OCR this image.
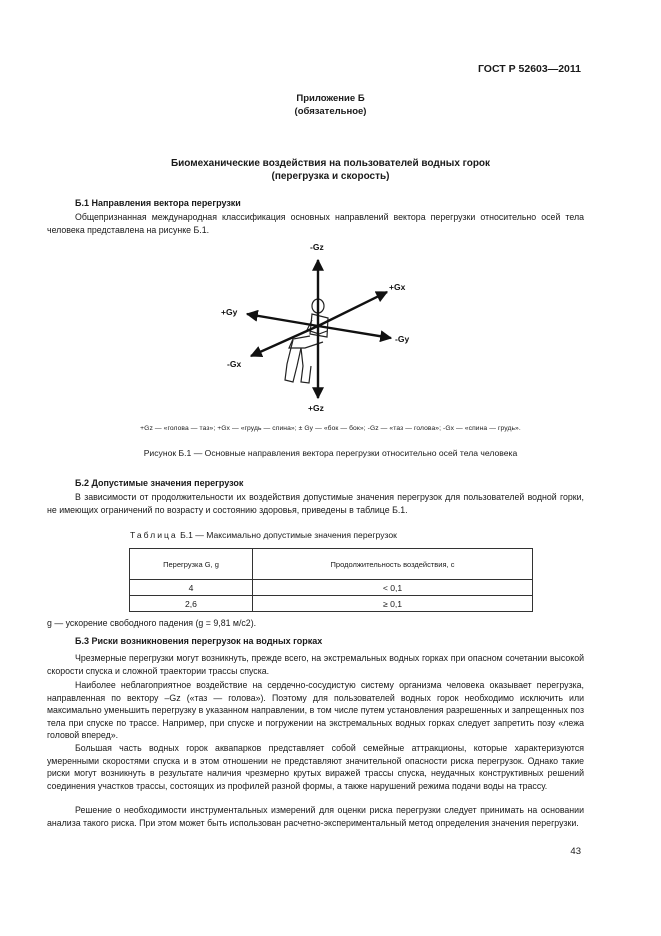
ГОСТ Р 52603—2011
Приложение Б
(обязательное)
Биомеханические воздействия на пользователей водных горок
(перегрузка и скорость)
Б.1 Направления вектора перегрузки

Общепризнанная международная классификация основных направлений вектора перегрузки относительно осей тела человека представлена на рисунке Б.1.

-Gz
+Gz
+Gx
-Gx
+Gy
-Gy
+Gz — «голова — таз»; +Gx — «грудь — спина»; ± Gy — «бок — бок»; -Gz — «таз — голова»; -Gx — «спина — грудь».
Рисунок Б.1 — Основные направления вектора перегрузки относительно осей тела человека
Б.2 Допустимые значения перегрузок

В зависимости от продолжительности их воздействия допустимые значения перегрузок для пользователей водной горки, не имеющих ограничений по возрасту и состоянию здоровья, приведены в таблице Б.1.

Таблица Б.1 — Максимально допустимые значения перегрузок
Перегрузка G, g	Продолжительность воздействия, с
4	< 0,1
2,6	≥ 0,1
g — ускорение свободного падения (g = 9,81 м/с2).
Б.3 Риски возникновения перегрузок на водных горках

Чрезмерные перегрузки могут возникнуть, прежде всего, на экстремальных водных горках при опасном сочетании высокой скорости спуска и сложной траектории трассы спуска.

Наиболее неблагоприятное воздействие на сердечно-сосудистую систему организма человека оказывает перегрузка, направленная по вектору –Gz («таз — голова»). Поэтому для пользователей водных горок необходимо исключить или максимально уменьшить перегрузку в указанном направлении, в том числе путем установления разрешенных и запрещенных поз тела при спуске по трассе. Например, при спуске и погружении на экстремальных водных горках следует запретить позу «лежа головой вперед».

Большая часть водных горок аквапарков представляет собой семейные аттракционы, которые характеризуются умеренными скоростями спуска и в этом отношении не представляют значительной опасности риска перегрузок. Однако такие риски могут возникнуть в результате наличия чрезмерно крутых виражей трассы спуска, неудачных конструктивных решений соединения участков трассы, состоящих из профилей разной формы, а также нарушений режима подачи воды на трассу.

Решение о необходимости инструментальных измерений для оценки риска перегрузки следует принимать на основании анализа такого риска. При этом может быть использован расчетно-экспериментальный метод определения значения перегрузки.

43
